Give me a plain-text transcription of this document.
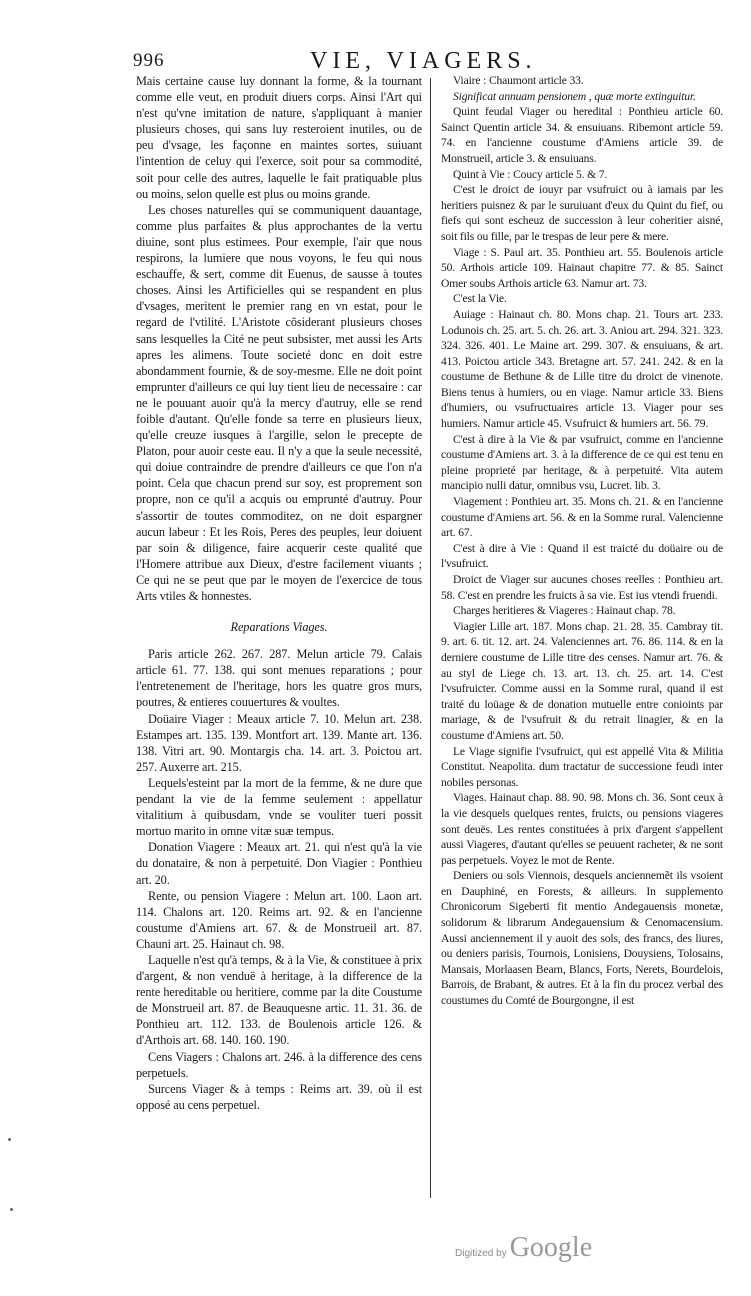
996	VIE, VIAGERS.

Mais certaine cause luy donnant la forme, & la tournant comme elle veut, en produit diuers corps. Ainsi l'Art qui n'est qu'vne imitation de nature, s'appliquant à manier plusieurs choses, qui sans luy resteroient inutiles, ou de peu d'vsage, les façonne en maintes sortes, suiuant l'intention de celuy qui l'exerce, soit pour sa commodité, soit pour celle des autres, laquelle le fait pratiquable plus ou moins, selon quelle est plus ou moins grande.

Les choses naturelles qui se communiquent dauantage, comme plus parfaites & plus approchantes de la vertu diuine, sont plus estimees. Pour exemple, l'air que nous respirons, la lumiere que nous voyons, le feu qui nous eschauffe, & sert, comme dit Euenus, de sausse à toutes choses. Ainsi les Artificielles qui se respandent en plus d'vsages, meritent le premier rang en vn estat, pour le regard de l'vtilité. L'Aristote cõsiderant plusieurs choses sans lesquelles la Cité ne peut subsister, met aussi les Arts apres les alimens. Toute societé donc en doit estre abondamment fournie, & de soy-mesme. Elle ne doit point emprunter d'ailleurs ce qui luy tient lieu de necessaire : car ne le pouuant auoir qu'à la mercy d'autruy, elle se rend foible d'autant. Qu'elle fonde sa terre en plusieurs lieux, qu'elle creuze iusques à l'argille, selon le precepte de Platon, pour auoir ceste eau. Il n'y a que la seule necessité, qui doiue contraindre de prendre d'ailleurs ce que l'on n'a point. Cela que chacun prend sur soy, est proprement son propre, non ce qu'il a acquis ou emprunté d'autruy. Pour s'assortir de toutes commoditez, on ne doit espargner aucun labeur : Et les Rois, Peres des peuples, leur doiuent par soin & diligence, faire acquerir ceste qualité que l'Homere attribue aux Dieux, d'estre facilement viuants ; Ce qui ne se peut que par le moyen de l'exercice de tous Arts vtiles & honnestes.

Reparations Viages.

Paris article 262. 267. 287. Melun article 79. Calais article 61. 77. 138. qui sont menues reparations ; pour l'entretenement de l'heritage, hors les quatre gros murs, poutres, & entieres couuertures & voultes.

Doüaire Viager : Meaux article 7. 10. Melun art. 238. Estampes art. 135. 139. Montfort art. 139. Mante art. 136. 138. Vitri art. 90. Montargis cha. 14. art. 3. Poictou art. 257. Auxerre art. 215.

Lequels'esteint par la mort de la femme, & ne dure que pendant la vie de la femme seulement : appellatur vitalitium à quibusdam, vnde se vouliter tueri possit mortuo marito in omne vitæ suæ tempus.

Donation Viagere : Meaux art. 21. qui n'est qu'à la vie du donataire, & non à perpetuité. Don Viagier : Ponthieu art. 20.

Rente, ou pension Viagere : Melun art. 100. Laon art. 114. Chalons art. 120. Reims art. 92. & en l'ancienne coustume d'Amiens art. 67. & de Monstrueil art. 87. Chauni art. 25. Hainaut ch. 98.

Laquelle n'est qu'à temps, & à la Vie, & constituee à prix d'argent, & non venduë à heritage, à la difference de la rente hereditable ou heritiere, comme par la dite Coustume de Monstrueil art. 87. de Beauquesne artic. 11. 31. 36. de Ponthieu art. 112. 133. de Boulenois article 126. & d'Arthois art. 68. 140. 160. 190.

Cens Viagers : Chalons art. 246. à la difference des cens perpetuels.

Surcens Viager & à temps : Reims art. 39. où il est opposé au cens perpetuel.

Viaire : Chaumont article 33.

Significat annuam pensionem , quæ morte extinguitur.

Quint feudal Viager ou heredital : Ponthieu article 60. Sainct Quentin article 34. & ensuiuans. Ribemont article 59. 74. en l'ancienne coustume d'Amiens article 39. de Monstrueil, article 3. & ensuiuans.

Quint à Vie : Coucy article 5. & 7.

C'est le droict de iouyr par vsufruict ou à iamais par les heritiers puisnez & par le suruiuant d'eux du Quint du fief, ou fiefs qui sont escheuz de succession à leur coheritier aisné, soit fils ou fille, par le trespas de leur pere & mere.

Viage : S. Paul art. 35. Ponthieu art. 55. Boulenois article 50. Arthois article 109. Hainaut chapitre 77. & 85. Sainct Omer soubs Arthois article 63. Namur art. 73.

C'est la Vie.

Auiage : Hainaut ch. 80. Mons chap. 21. Tours art. 233. Lodunois ch. 25. art. 5. ch. 26. art. 3. Aniou art. 294. 321. 323. 324. 326. 401. Le Maine art. 299. 307. & ensuiuans, & art. 413. Poictou article 343. Bretagne art. 57. 241. 242. & en la coustume de Bethune & de Lille titre du droict de vinenote. Biens tenus à humiers, ou en viage. Namur article 33. Biens d'humiers, ou vsufructuaires article 13. Viager pour ses humiers. Namur article 45. Vsufruict & humiers art. 56. 79.

C'est à dire à la Vie & par vsufruict, comme en l'ancienne coustume d'Amiens art. 3. à la difference de ce qui est tenu en pleine proprieté par heritage, & à perpetuité. Vita autem mancipio nulli datur, omnibus vsu, Lucret. lib. 3.

Viagement : Ponthieu art. 35. Mons ch. 21. & en l'ancienne coustume d'Amiens art. 56. & en la Somme rural. Valencienne art. 67.

C'est à dire à Vie : Quand il est traicté du doüaire ou de l'vsufruict.

Droict de Viager sur aucunes choses reelles : Ponthieu art. 58. C'est en prendre les fruicts à sa vie. Est ius vtendi fruendi.

Charges heritieres & Viageres : Hainaut chap. 78.

Viagier Lille art. 187. Mons chap. 21. 28. 35. Cambray tit. 9. art. 6. tit. 12. art. 24. Valenciennes art. 76. 86. 114. & en la derniere coustume de Lille titre des censes. Namur art. 76. & au styl de Liege ch. 13. art. 13. ch. 25. art. 14. C'est l'vsufruicter. Comme aussi en la Somme rural, quand il est traité du loüage & de donation mutuelle entre conioints par mariage, & de l'vsufruit & du retrait linagier, & en la coustume d'Amiens art. 50.

Le Viage signifie l'vsufruict, qui est appellé Vita & Militia Constitut. Neapolita. dum tractatur de successione feudi inter nobiles personas.

Viages. Hainaut chap. 88. 90. 98. Mons ch. 36. Sont ceux à la vie desquels quelques rentes, fruicts, ou pensions viageres sont deuës. Les rentes constituées à prix d'argent s'appellent aussi Viageres, d'autant qu'elles se peuuent racheter, & ne sont pas perpetuels. Voyez le mot de Rente.

Deniers ou sols Viennois, desquels anciennemẽt ils vsoient en Dauphiné, en Forests, & ailleurs. In supplemento Chronicorum Sigeberti fit mentio Andegauensis monetæ, solidorum & librarum Andegauensium & Cenomacensium. Aussi anciennement il y auoit des sols, des francs, des liures, ou deniers parisis, Tournois, Lonisiens, Douysiens, Tolosains, Mansais, Morlaasen Bearn, Blancs, Forts, Nerets, Bourdelois, Barrois, de Brabant, & autres. Et à la fin du procez verbal des coustumes du Comté de Bourgongne, il est

Digitized by Google
